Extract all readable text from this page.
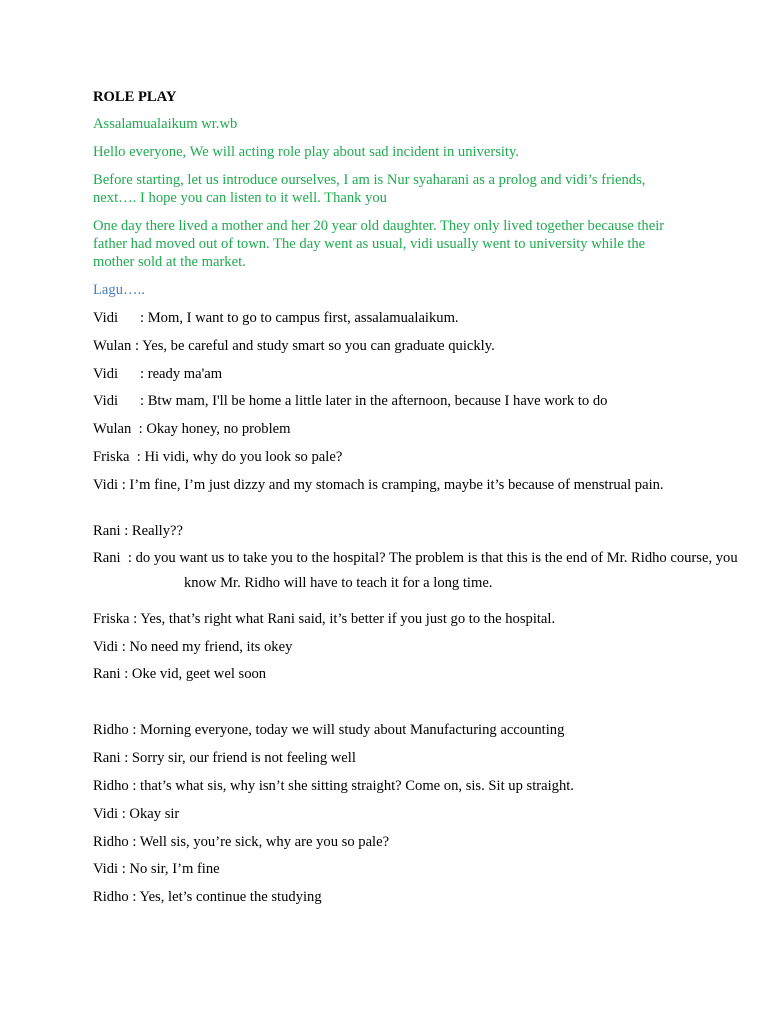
ROLE PLAY

Assalamualaikum wr.wb

Hello everyone, We will acting role play about sad incident in university.

Before starting, let us introduce ourselves, I am is Nur syaharani as a prolog and vidi’s friends, next…. I hope you can listen to it well. Thank you

One day there lived a mother and her 20 year old daughter. They only lived together because their father had moved out of town. The day went as usual, vidi usually went to university while the mother sold at the market.

Lagu…..

Vidi : Mom, I want to go to campus first, assalamualaikum.

Wulan : Yes, be careful and study smart so you can graduate quickly.

Vidi : ready ma'am

Vidi : Btw mam, I'll be home a little later in the afternoon, because I have work to do

Wulan : Okay honey, no problem

Friska : Hi vidi, why do you look so pale?

Vidi : I’m fine, I’m just dizzy and my stomach is cramping, maybe it’s because of menstrual pain.

Rani : Really??

Rani : do you want us to take you to the hospital? The problem is that this is the end of Mr. Ridho course, you know Mr. Ridho will have to teach it for a long time.

Friska : Yes, that’s right what Rani said, it’s better if you just go to the hospital.

Vidi : No need my friend, its okey

Rani : Oke vid, geet wel soon

Ridho : Morning everyone, today we will study about Manufacturing accounting

Rani : Sorry sir, our friend is not feeling well

Ridho : that’s what sis, why isn’t she sitting straight? Come on, sis. Sit up straight.

Vidi : Okay sir

Ridho : Well sis, you’re sick, why are you so pale?

Vidi : No sir, I’m fine

Ridho : Yes, let’s continue the studying
